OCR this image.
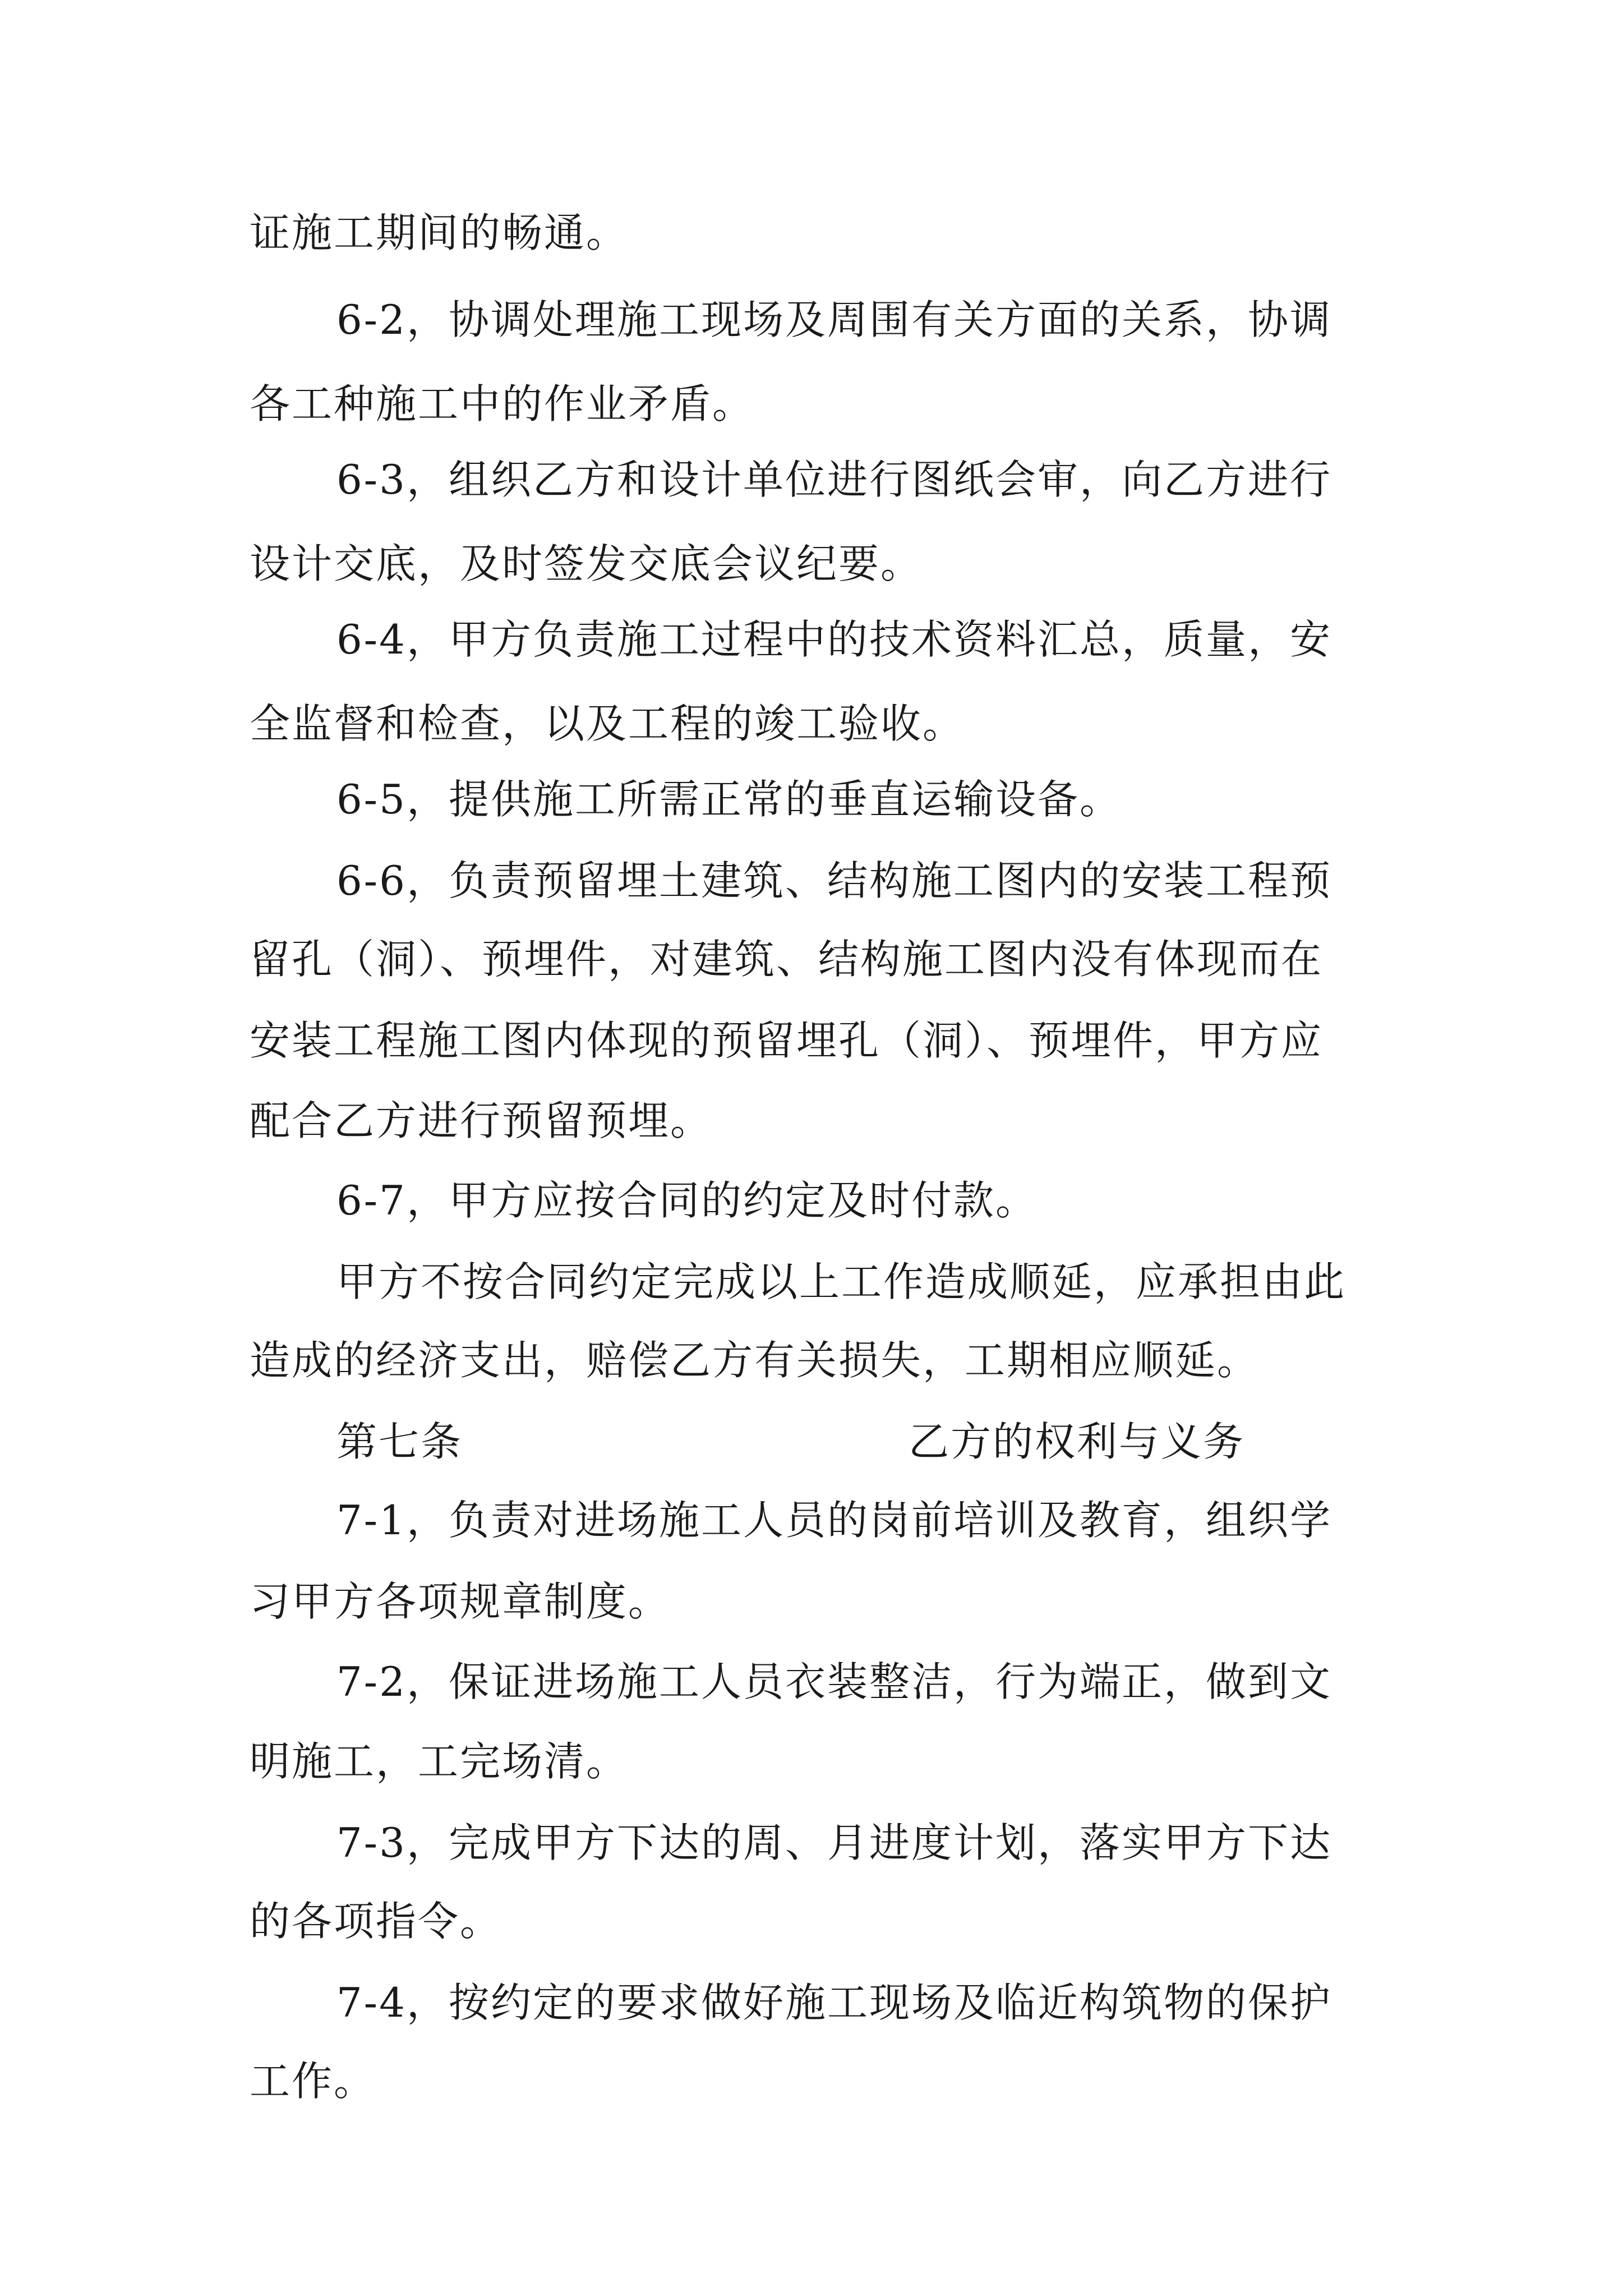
证施工期间的畅通。
6-2，协调处理施工现场及周围有关方面的关系，协调
各工种施工中的作业矛盾。
6-3，组织乙方和设计单位进行图纸会审，向乙方进行
设计交底，及时签发交底会议纪要。
6-4，甲方负责施工过程中的技术资料汇总，质量，安
全监督和检查，以及工程的竣工验收。
6-5，提供施工所需正常的垂直运输设备。
6-6，负责预留埋土建筑、结构施工图内的安装工程预
留孔（洞）、预埋件，对建筑、结构施工图内没有体现而在
安装工程施工图内体现的预留埋孔（洞）、预埋件，甲方应
配合乙方进行预留预埋。
6-7，甲方应按合同的约定及时付款。
甲方不按合同约定完成以上工作造成顺延，应承担由此
造成的经济支出，赔偿乙方有关损失，工期相应顺延。
第七条	乙方的权利与义务
7-1，负责对进场施工人员的岗前培训及教育，组织学
习甲方各项规章制度。
7-2，保证进场施工人员衣装整洁，行为端正，做到文
明施工，工完场清。
7-3，完成甲方下达的周、月进度计划，落实甲方下达
的各项指令。
7-4，按约定的要求做好施工现场及临近构筑物的保护
工作。
